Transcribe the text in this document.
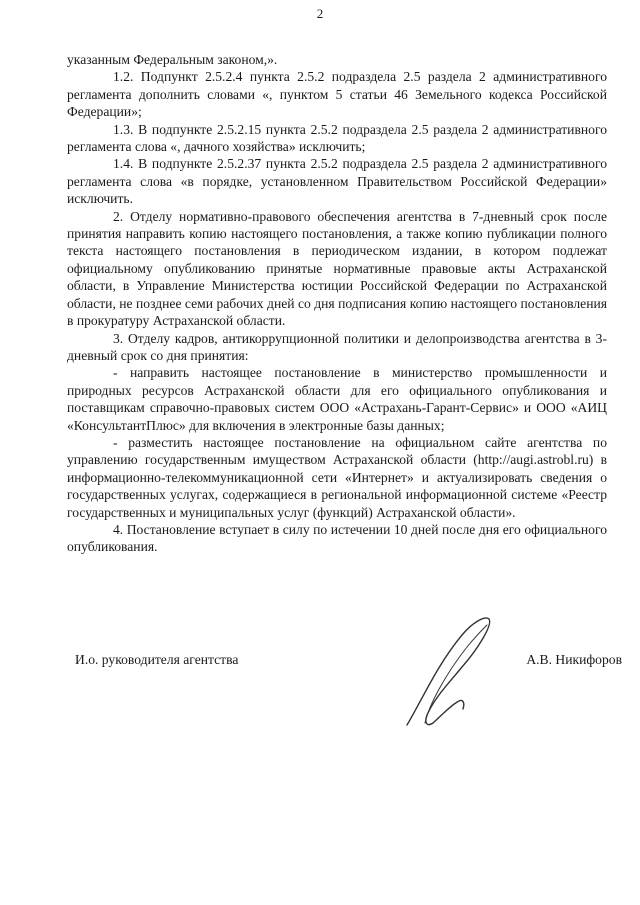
2

указанным Федеральным законом,».

1.2. Подпункт 2.5.2.4 пункта 2.5.2 подраздела 2.5 раздела 2 административного регламента дополнить словами «, пунктом 5 статьи 46 Земельного кодекса Российской Федерации»;

1.3. В подпункте 2.5.2.15 пункта 2.5.2 подраздела 2.5 раздела 2 административного регламента слова «, дачного хозяйства» исключить;

1.4. В подпункте 2.5.2.37 пункта 2.5.2 подраздела 2.5 раздела 2 административного регламента слова «в порядке, установленном Правительством Российской Федерации» исключить.

2. Отделу нормативно-правового обеспечения агентства в 7-дневный срок после принятия направить копию настоящего постановления, а также копию публикации полного текста настоящего постановления в периодическом издании, в котором подлежат официальному опубликованию принятые нормативные правовые акты Астраханской области, в Управление Министерства юстиции Российской Федерации по Астраханской области, не позднее семи рабочих дней со дня подписания копию настоящего постановления в прокуратуру Астраханской области.

3. Отделу кадров, антикоррупционной политики и делопроизводства агентства в 3-дневный срок со дня принятия:

- направить настоящее постановление в министерство промышленности и природных ресурсов Астраханской области для его официального опубликования и поставщикам справочно-правовых систем ООО «Астрахань-Гарант-Сервис» и ООО «АИЦ «КонсультантПлюс» для включения в электронные базы данных;

- разместить настоящее постановление на официальном сайте агентства по управлению государственным имуществом Астраханской области (http://augi.astrobl.ru) в информационно-телекоммуникационной сети «Интернет» и актуализировать сведения о государственных услугах, содержащиеся в региональной информационной системе «Реестр государственных и муниципальных услуг (функций) Астраханской области».

4. Постановление вступает в силу по истечении 10 дней после дня его официального опубликования.

И.о. руководителя агентства	А.В. Никифоров
